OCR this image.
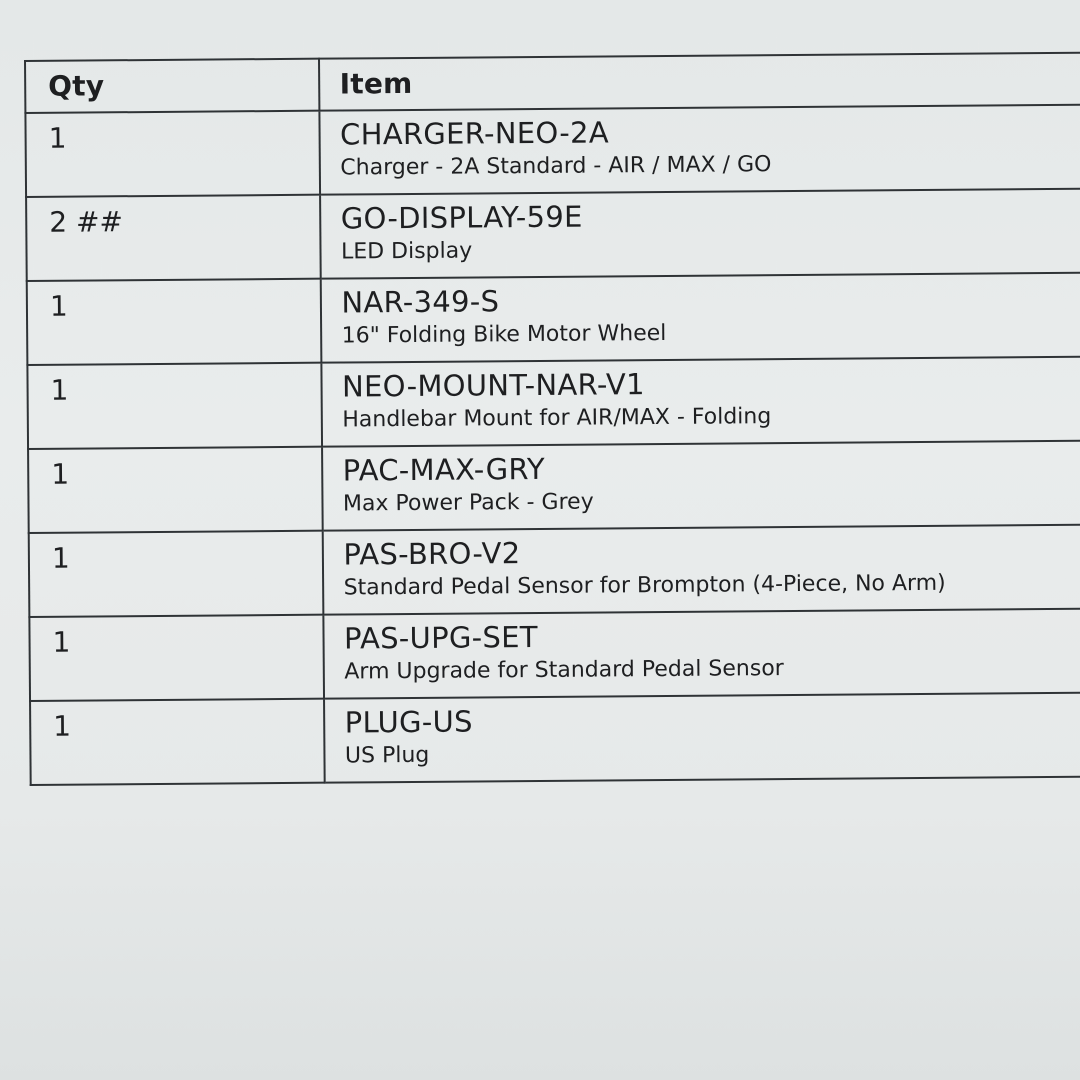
Qty	Item
1	CHARGER-NEO-2A
Charger - 2A Standard - AIR / MAX / GO

2 ##	GO-DISPLAY-59E
LED Display

1	NAR-349-S
16" Folding Bike Motor Wheel

1	NEO-MOUNT-NAR-V1
Handlebar Mount for AIR/MAX - Folding

1	PAC-MAX-GRY
Max Power Pack - Grey

1	PAS-BRO-V2
Standard Pedal Sensor for Brompton (4-Piece, No Arm)

1	PAS-UPG-SET
Arm Upgrade for Standard Pedal Sensor

1	PLUG-US
US Plug
